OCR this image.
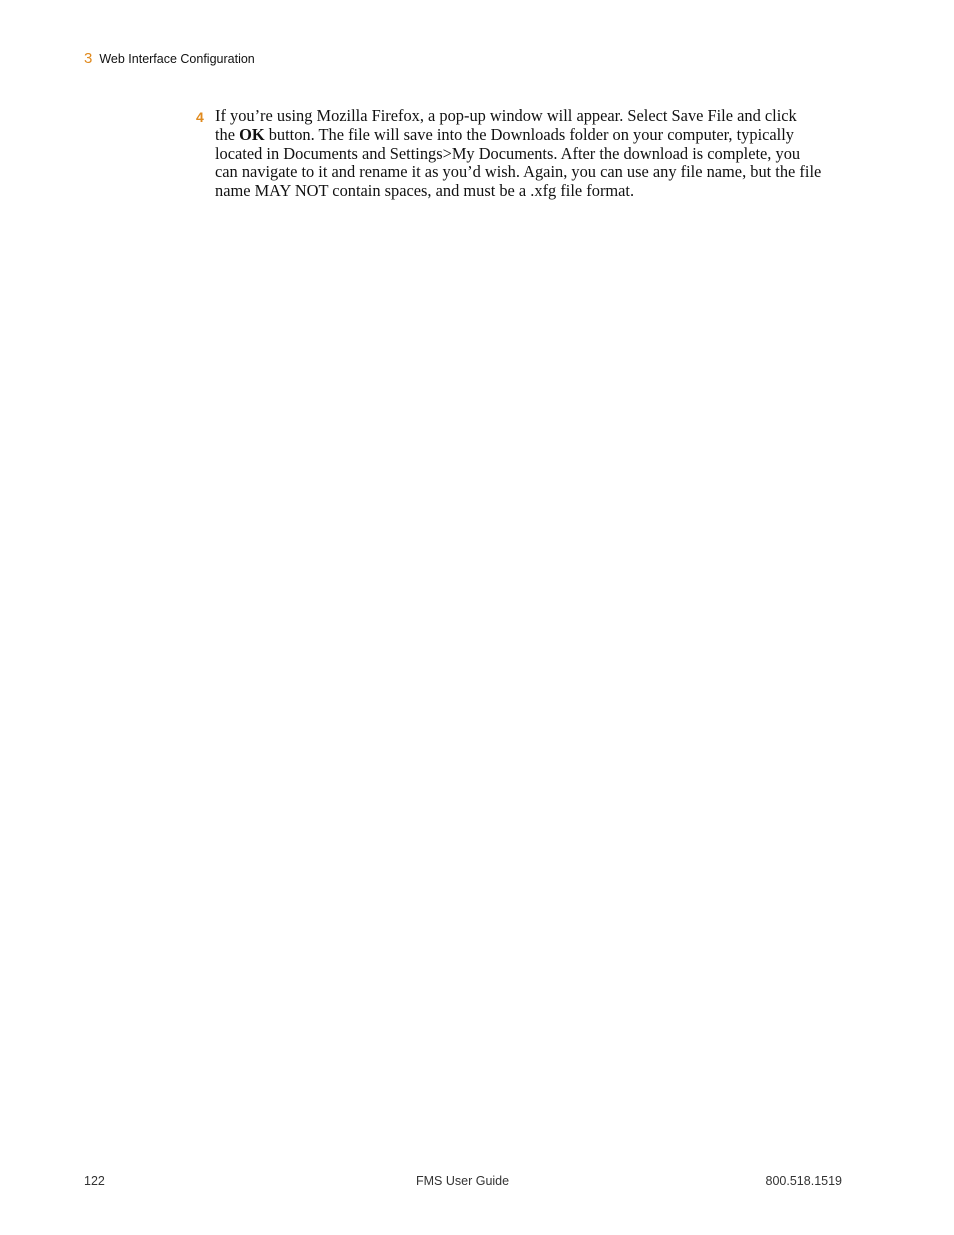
3 Web Interface Configuration
4 If you’re using Mozilla Firefox, a pop-up window will appear. Select Save File and click
the OK button. The file will save into the Downloads folder on your computer, typically
located in Documents and Settings>My Documents. After the download is complete, you
can navigate to it and rename it as you’d wish. Again, you can use any file name, but the file
name MAY NOT contain spaces, and must be a .xfg file format.

122	FMS User Guide	800.518.1519
